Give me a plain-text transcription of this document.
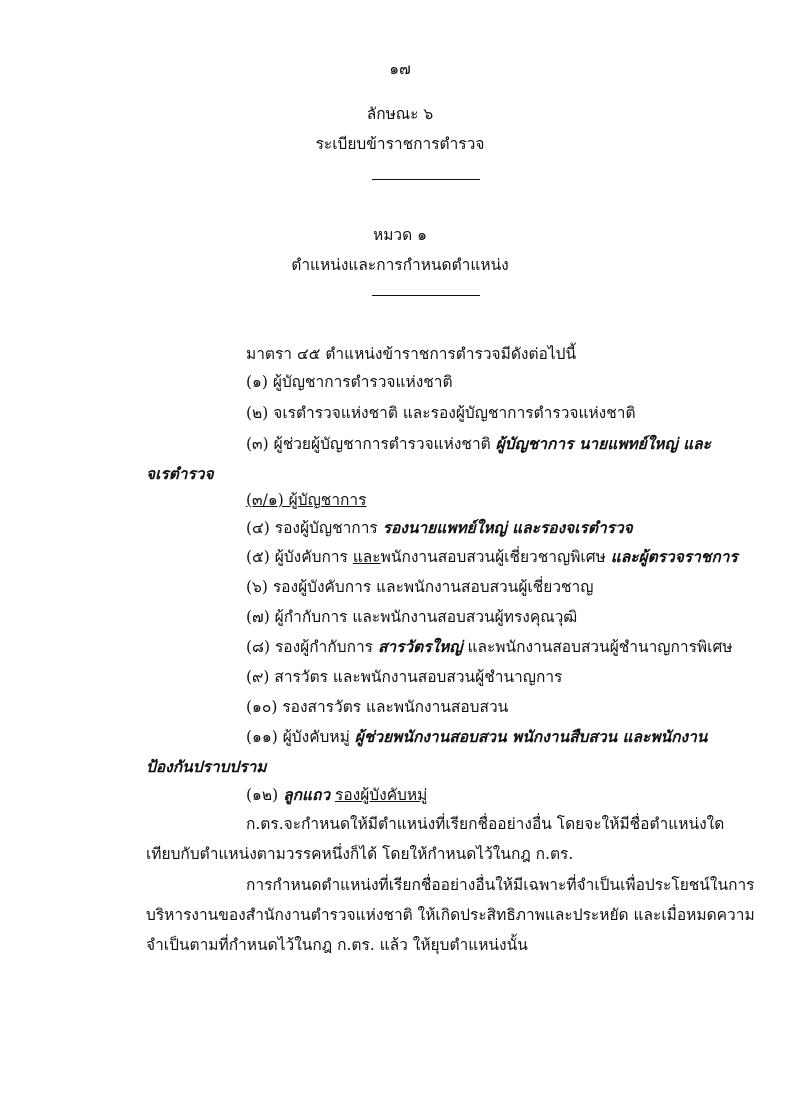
๑๗
ลักษณะ ๖
ระเบียบข้าราชการตำรวจ
หมวด ๑
ตำแหน่งและการกำหนดตำแหน่ง
มาตรา ๔๕ ตำแหน่งข้าราชการตำรวจมีดังต่อไปนี้
(๑) ผู้บัญชาการตำรวจแห่งชาติ
(๒) จเรตำรวจแห่งชาติ และรองผู้บัญชาการตำรวจแห่งชาติ
(๓) ผู้ช่วยผู้บัญชาการตำรวจแห่งชาติ ผู้บัญชาการ นายแพทย์ใหญ่ และ
จเรตำรวจ
(๓/๑) ผู้บัญชาการ
(๔) รองผู้บัญชาการ รองนายแพทย์ใหญ่ และรองจเรตำรวจ
(๕) ผู้บังคับการ และพนักงานสอบสวนผู้เชี่ยวชาญพิเศษ และผู้ตรวจราชการ
(๖) รองผู้บังคับการ และพนักงานสอบสวนผู้เชี่ยวชาญ
(๗) ผู้กำกับการ และพนักงานสอบสวนผู้ทรงคุณวุฒิ
(๘) รองผู้กำกับการ สารวัตรใหญ่ และพนักงานสอบสวนผู้ชำนาญการพิเศษ
(๙) สารวัตร และพนักงานสอบสวนผู้ชำนาญการ
(๑๐) รองสารวัตร และพนักงานสอบสวน
(๑๑) ผู้บังคับหมู่ ผู้ช่วยพนักงานสอบสวน พนักงานสืบสวน และพนักงาน
ป้องกันปราบปราม
(๑๒) ลูกแถว รองผู้บังคับหมู่
ก.ตร.จะกำหนดให้มีตำแหน่งที่เรียกชื่ออย่างอื่น โดยจะให้มีชื่อตำแหน่งใด
เทียบกับตำแหน่งตามวรรคหนึ่งก็ได้ โดยให้กำหนดไว้ในกฎ ก.ตร.
การกำหนดตำแหน่งที่เรียกชื่ออย่างอื่นให้มีเฉพาะที่จำเป็นเพื่อประโยชน์ในการ
บริหารงานของสำนักงานตำรวจแห่งชาติ ให้เกิดประสิทธิภาพและประหยัด และเมื่อหมดความ
จำเป็นตามที่กำหนดไว้ในกฎ ก.ตร. แล้ว ให้ยุบตำแหน่งนั้น
